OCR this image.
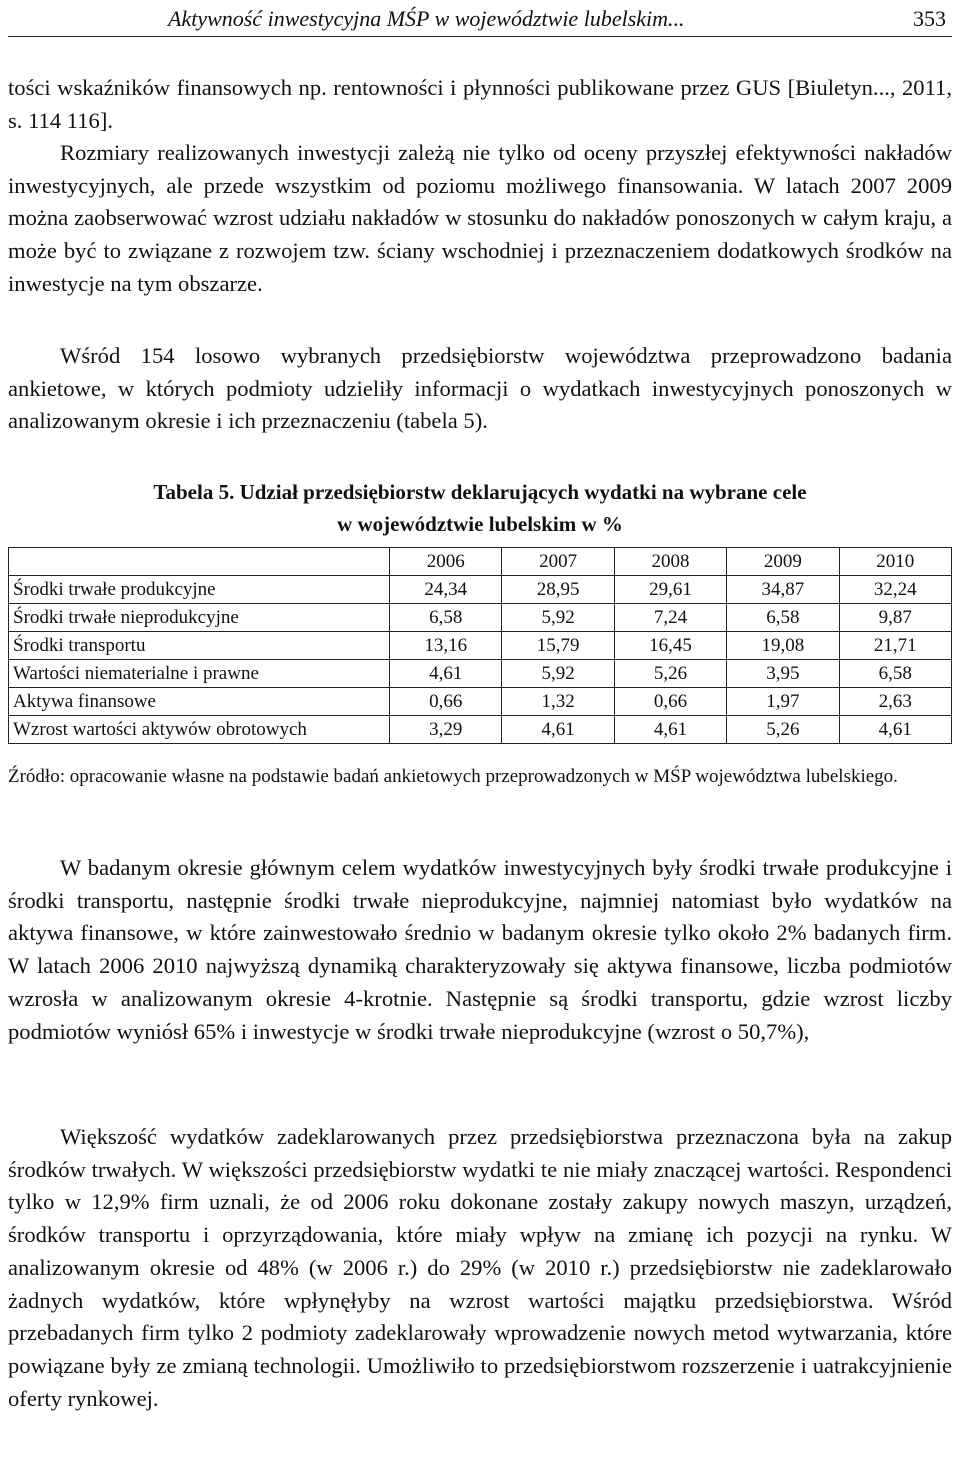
Aktywność inwestycyjna MŚP w województwie lubelskim...	353

tości wskaźników finansowych np. rentowności i płynności publikowane przez GUS [Biuletyn..., 2011, s. 114 116].

Rozmiary realizowanych inwestycji zależą nie tylko od oceny przyszłej efektywności nakładów inwestycyjnych, ale przede wszystkim od poziomu możliwego finansowania. W latach 2007 2009 można zaobserwować wzrost udziału nakładów w stosunku do nakładów ponoszonych w całym kraju, a może być to związane z rozwojem tzw. ściany wschodniej i przeznaczeniem dodatkowych środków na inwestycje na tym obszarze.

Wśród 154 losowo wybranych przedsiębiorstw województwa przeprowadzono badania ankietowe, w których podmioty udzieliły informacji o wydatkach inwestycyjnych ponoszonych w analizowanym okresie i ich przeznaczeniu (tabela 5).

Tabela 5. Udział przedsiębiorstw deklarujących wydatki na wybrane cele
w województwie lubelskim w %
	2006	2007	2008	2009	2010
Środki trwałe produkcyjne	24,34	28,95	29,61	34,87	32,24
Środki trwałe nieprodukcyjne	6,58	5,92	7,24	6,58	9,87
Środki transportu	13,16	15,79	16,45	19,08	21,71
Wartości niematerialne i prawne	4,61	5,92	5,26	3,95	6,58
Aktywa finansowe	0,66	1,32	0,66	1,97	2,63
Wzrost wartości aktywów obrotowych	3,29	4,61	4,61	5,26	4,61
Źródło: opracowanie własne na podstawie badań ankietowych przeprowadzonych w MŚP województwa lubelskiego.

W badanym okresie głównym celem wydatków inwestycyjnych były środki trwałe produkcyjne i środki transportu, następnie środki trwałe nieprodukcyjne, najmniej natomiast było wydatków na aktywa finansowe, w które zainwestowało średnio w badanym okresie tylko około 2% badanych firm. W latach 2006 2010 najwyższą dynamiką charakteryzowały się aktywa finansowe, liczba podmiotów wzrosła w analizowanym okresie 4-krotnie. Następnie są środki transportu, gdzie wzrost liczby podmiotów wyniósł 65% i inwestycje w środki trwałe nieprodukcyjne (wzrost o 50,7%),

Większość wydatków zadeklarowanych przez przedsiębiorstwa przeznaczona była na zakup środków trwałych. W większości przedsiębiorstw wydatki te nie miały znaczącej wartości. Respondenci tylko w 12,9% firm uznali, że od 2006 roku dokonane zostały zakupy nowych maszyn, urządzeń, środków transportu i oprzyrządowania, które miały wpływ na zmianę ich pozycji na rynku. W analizowanym okresie od 48% (w 2006 r.) do 29% (w 2010 r.) przedsiębiorstw nie zadeklarowało żadnych wydatków, które wpłynęłyby na wzrost wartości majątku przedsiębiorstwa. Wśród przebadanych firm tylko 2 podmioty zadeklarowały wprowadzenie nowych metod wytwarzania, które powiązane były ze zmianą technologii. Umożliwiło to przedsiębiorstwom rozszerzenie i uatrakcyjnienie oferty rynkowej.
